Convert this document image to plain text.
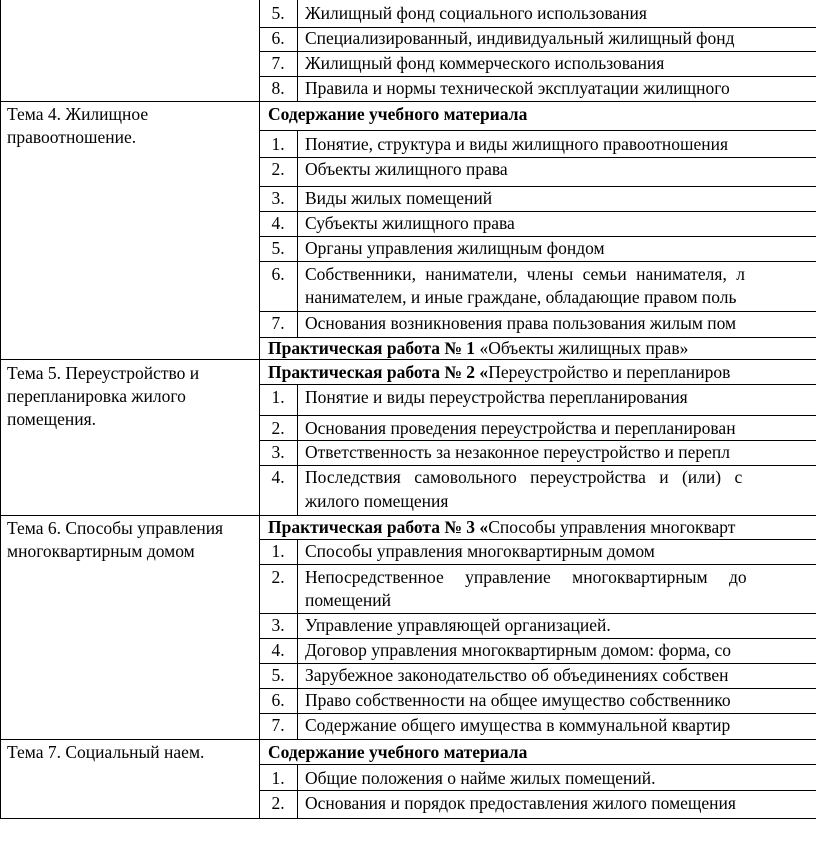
5.	Жилищный фонд социального использования
6.	Специализированный, индивидуальный жилищный фонд
7.	Жилищный фонд коммерческого использования
8.	Правила и нормы технической эксплуатации жилищного
Тема 4. Жилищное правоотношение.
Содержание учебного материала
1.	Понятие, структура и виды жилищного правоотношения
2.	Объекты жилищного права
3.	Виды жилых помещений
4.	Субъекты жилищного права
5.	Органы управления жилищным фондом
6.	Собственники, наниматели, члены семьи нанимателя, л
нанимателем, и иные граждане, обладающие правом поль
7.	Основания возникновения права пользования жилым пом
Практическая работа № 1 «Объекты жилищных прав»
Тема 5. Переустройство и перепланировка жилого помещения.
Практическая работа № 2 «Переустройство и перепланиров
1.	Понятие и виды переустройства перепланирования
2.	Основания проведения переустройства и перепланирован
3.	Ответственность за незаконное переустройство и перепл
4.	Последствия самовольного переустройства и (или) с
жилого помещения
Тема 6. Способы управления многоквартирным домом
Практическая работа № 3 «Способы управления многокварт
1.	Способы управления многоквартирным домом
2.	Непосредственное управление многоквартирным до
помещений
3.	Управление управляющей организацией.
4.	Договор управления многоквартирным домом: форма, со
5.	Зарубежное законодательство об объединениях собствен
6.	Право собственности на общее имущество собственнико
7.	Содержание общего имущества в коммунальной квартир
Тема 7. Социальный наем.	Содержание учебного материала
1.	Общие положения о найме жилых помещений.
2.	Основания и порядок предоставления жилого помещения
